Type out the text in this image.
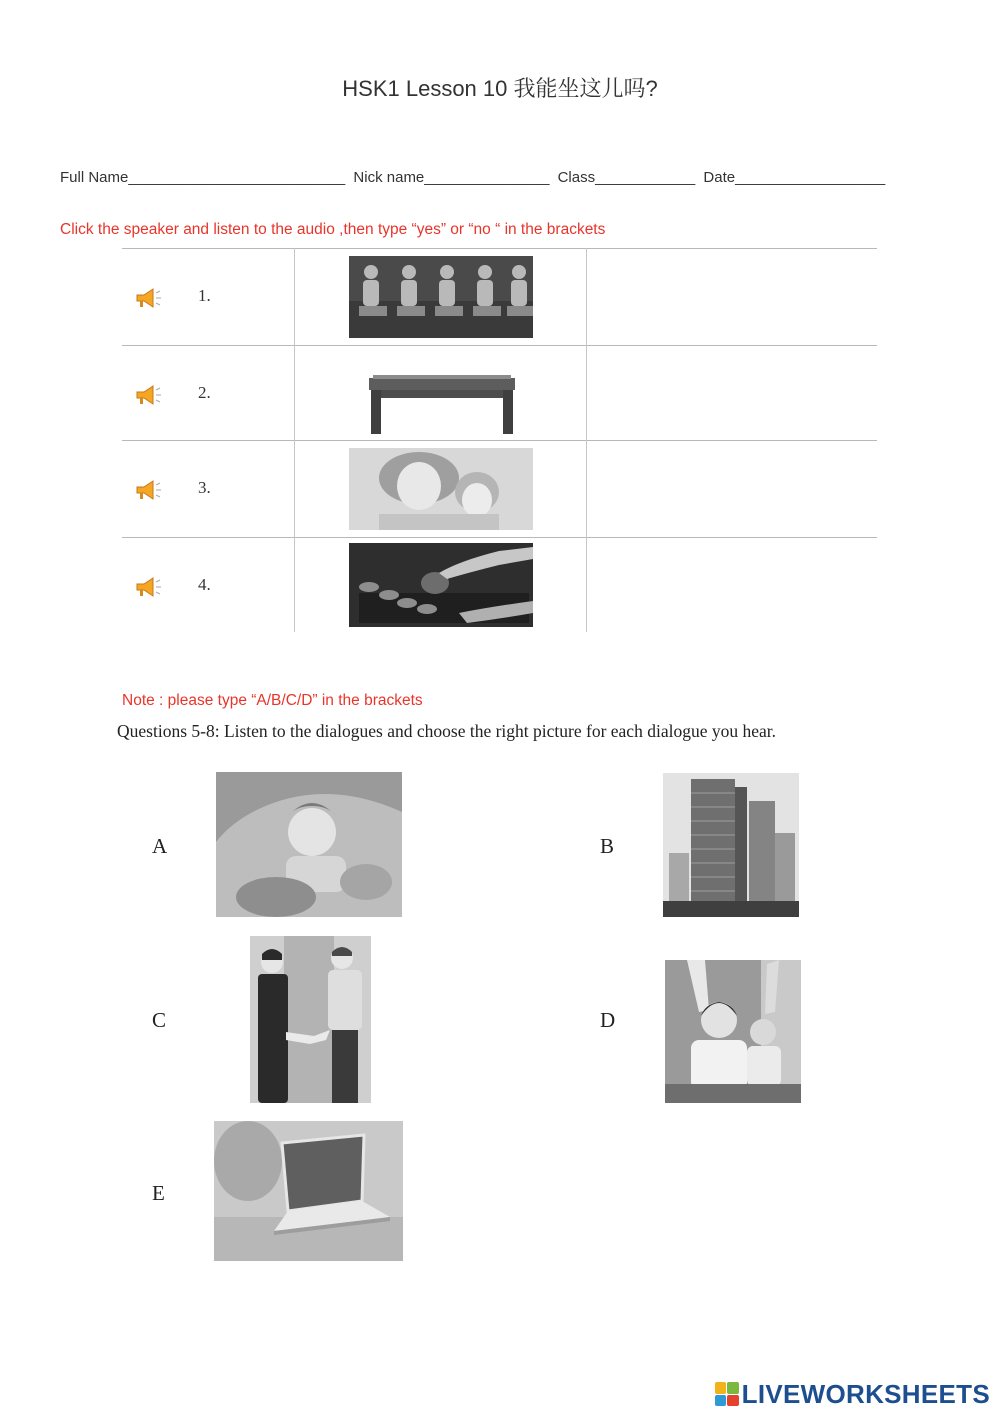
HSK1 Lesson 10 我能坐这儿吗?
Full Name__________________________ Nick name_______________ Class____________ Date__________________
Click the speaker and listen to the audio ,then type “yes” or “no “ in the brackets
1.
2.
3.
4.
Note : please type “A/B/C/D” in the brackets
Questions 5-8: Listen to the dialogues and choose the right picture for each dialogue you hear.
A	B
C	D
E
LIVEWORKSHEETS
